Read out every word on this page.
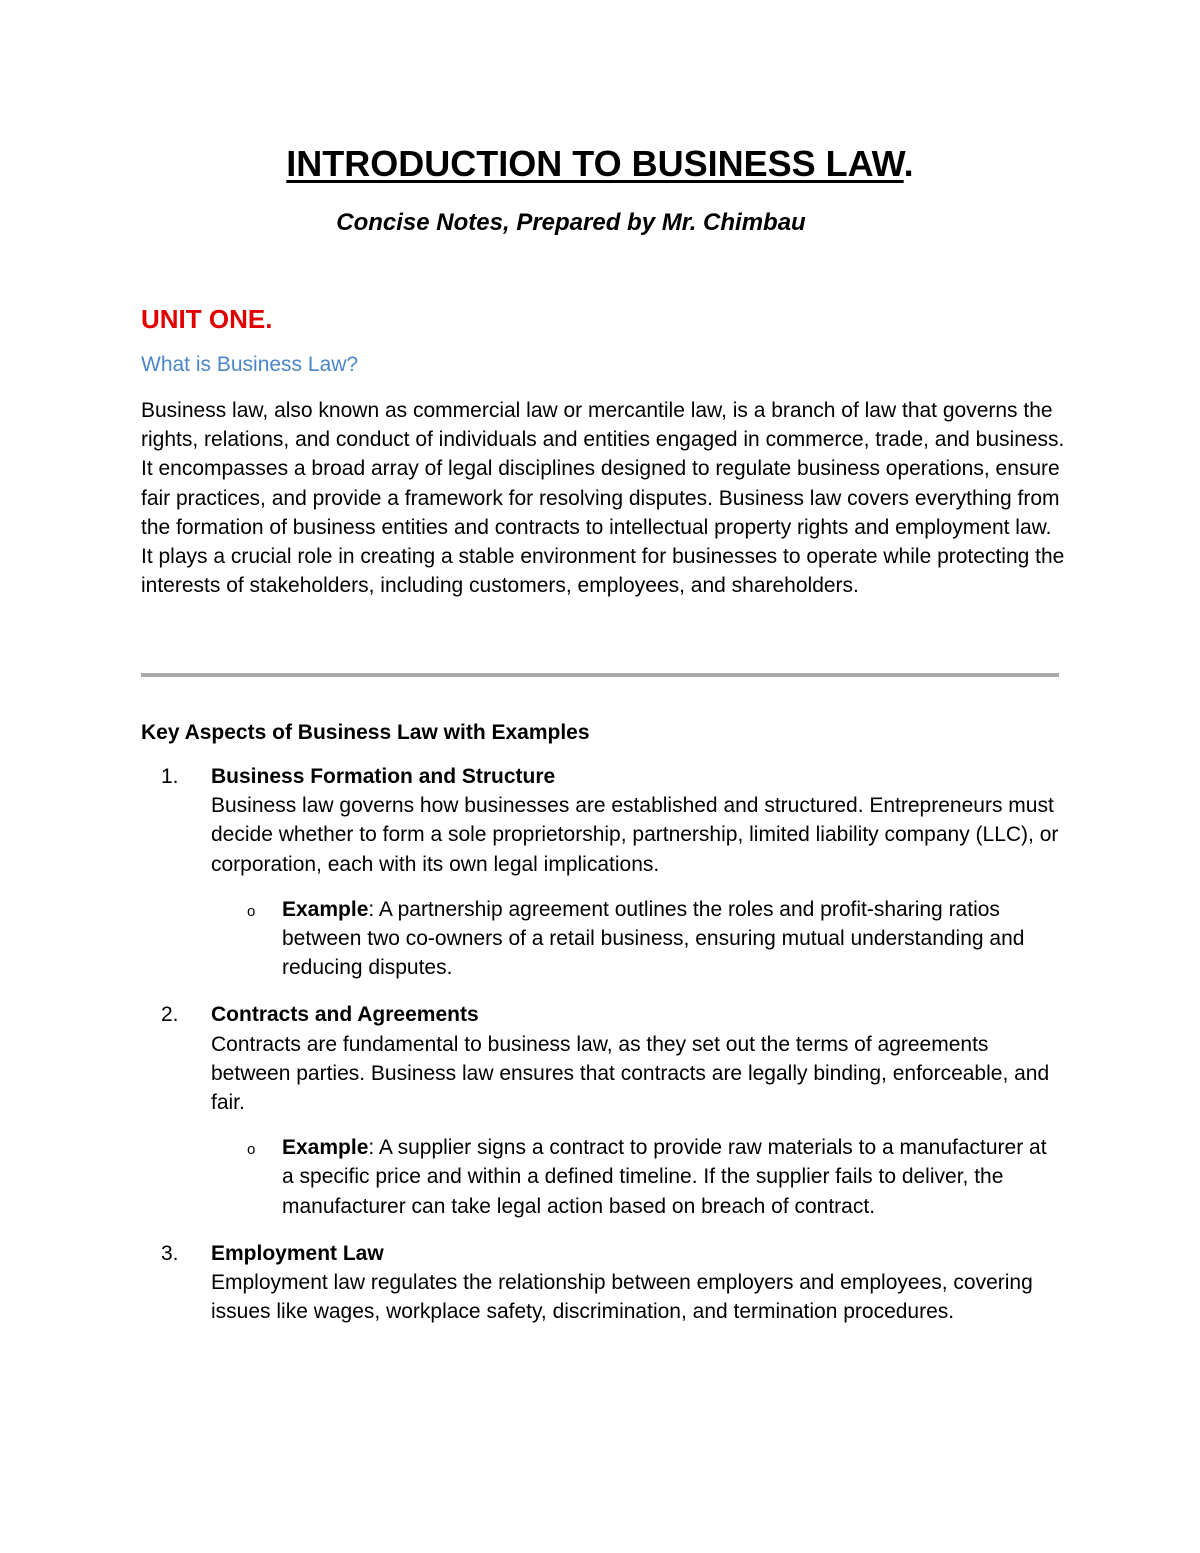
INTRODUCTION TO BUSINESS LAW.
Concise Notes, Prepared by Mr. Chimbau
UNIT ONE.
What is Business Law?

Business law, also known as commercial law or mercantile law, is a branch of law that governs the rights, relations, and conduct of individuals and entities engaged in commerce, trade, and business. It encompasses a broad array of legal disciplines designed to regulate business operations, ensure fair practices, and provide a framework for resolving disputes. Business law covers everything from the formation of business entities and contracts to intellectual property rights and employment law. It plays a crucial role in creating a stable environment for businesses to operate while protecting the interests of stakeholders, including customers, employees, and shareholders.

Key Aspects of Business Law with Examples
1. Business Formation and Structure
Business law governs how businesses are established and structured. Entrepreneurs must decide whether to form a sole proprietorship, partnership, limited liability company (LLC), or corporation, each with its own legal implications.
o Example: A partnership agreement outlines the roles and profit-sharing ratios between two co-owners of a retail business, ensuring mutual understanding and reducing disputes.
2. Contracts and Agreements
Contracts are fundamental to business law, as they set out the terms of agreements between parties. Business law ensures that contracts are legally binding, enforceable, and fair.
o Example: A supplier signs a contract to provide raw materials to a manufacturer at a specific price and within a defined timeline. If the supplier fails to deliver, the manufacturer can take legal action based on breach of contract.
3. Employment Law
Employment law regulates the relationship between employers and employees, covering issues like wages, workplace safety, discrimination, and termination procedures.
